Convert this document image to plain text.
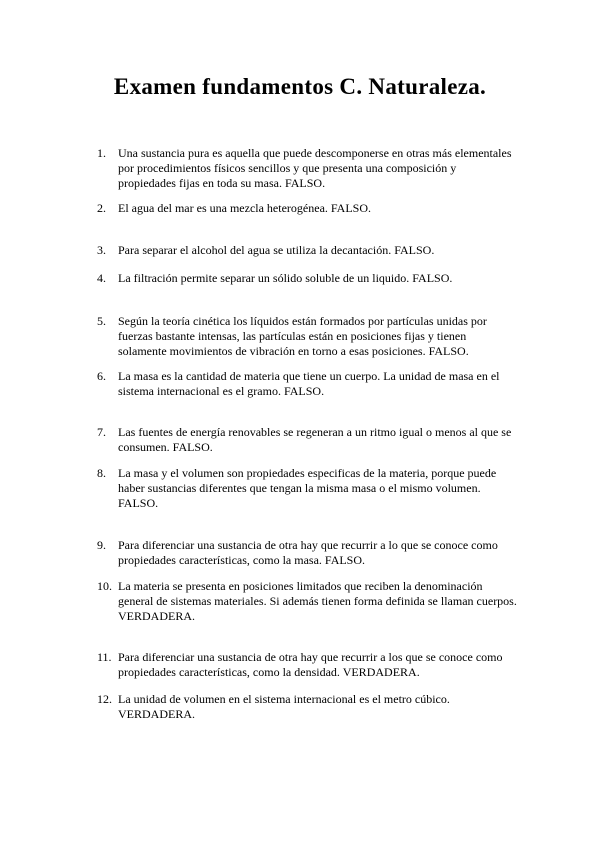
Examen fundamentos C. Naturaleza.
1.	Una sustancia pura es aquella que puede descomponerse en otras más elementales por procedimientos físicos sencillos y que presenta una composición y propiedades fijas en toda su masa. FALSO.
2.	El agua del mar es una mezcla heterogénea. FALSO.
3.	Para separar el alcohol del agua se utiliza la decantación. FALSO.
4.	La filtración permite separar un sólido soluble de un liquido. FALSO.
5.	Según la teoría cinética los líquidos están formados por partículas unidas por fuerzas bastante intensas, las partículas están en posiciones fijas y tienen solamente movimientos de vibración en torno a esas posiciones. FALSO.
6.	La masa es la cantidad de materia que tiene un cuerpo. La unidad de masa en el sistema internacional es el gramo. FALSO.
7.	Las fuentes de energía renovables se regeneran a un ritmo igual o menos al que se consumen. FALSO.
8.	La masa y el volumen son propiedades especificas de la materia, porque puede haber sustancias diferentes que tengan la misma masa o el mismo volumen. FALSO.
9.	Para diferenciar una sustancia de otra hay que recurrir a lo que se conoce como propiedades características, como la masa. FALSO.
10. La materia se presenta en posiciones limitados que reciben la denominación general de sistemas materiales. Si además tienen forma definida se llaman cuerpos. VERDADERA.
11. Para diferenciar una sustancia de otra hay que recurrir a los que se conoce como propiedades características, como la densidad. VERDADERA.
12. La unidad de volumen en el sistema internacional es el metro cúbico. VERDADERA.
